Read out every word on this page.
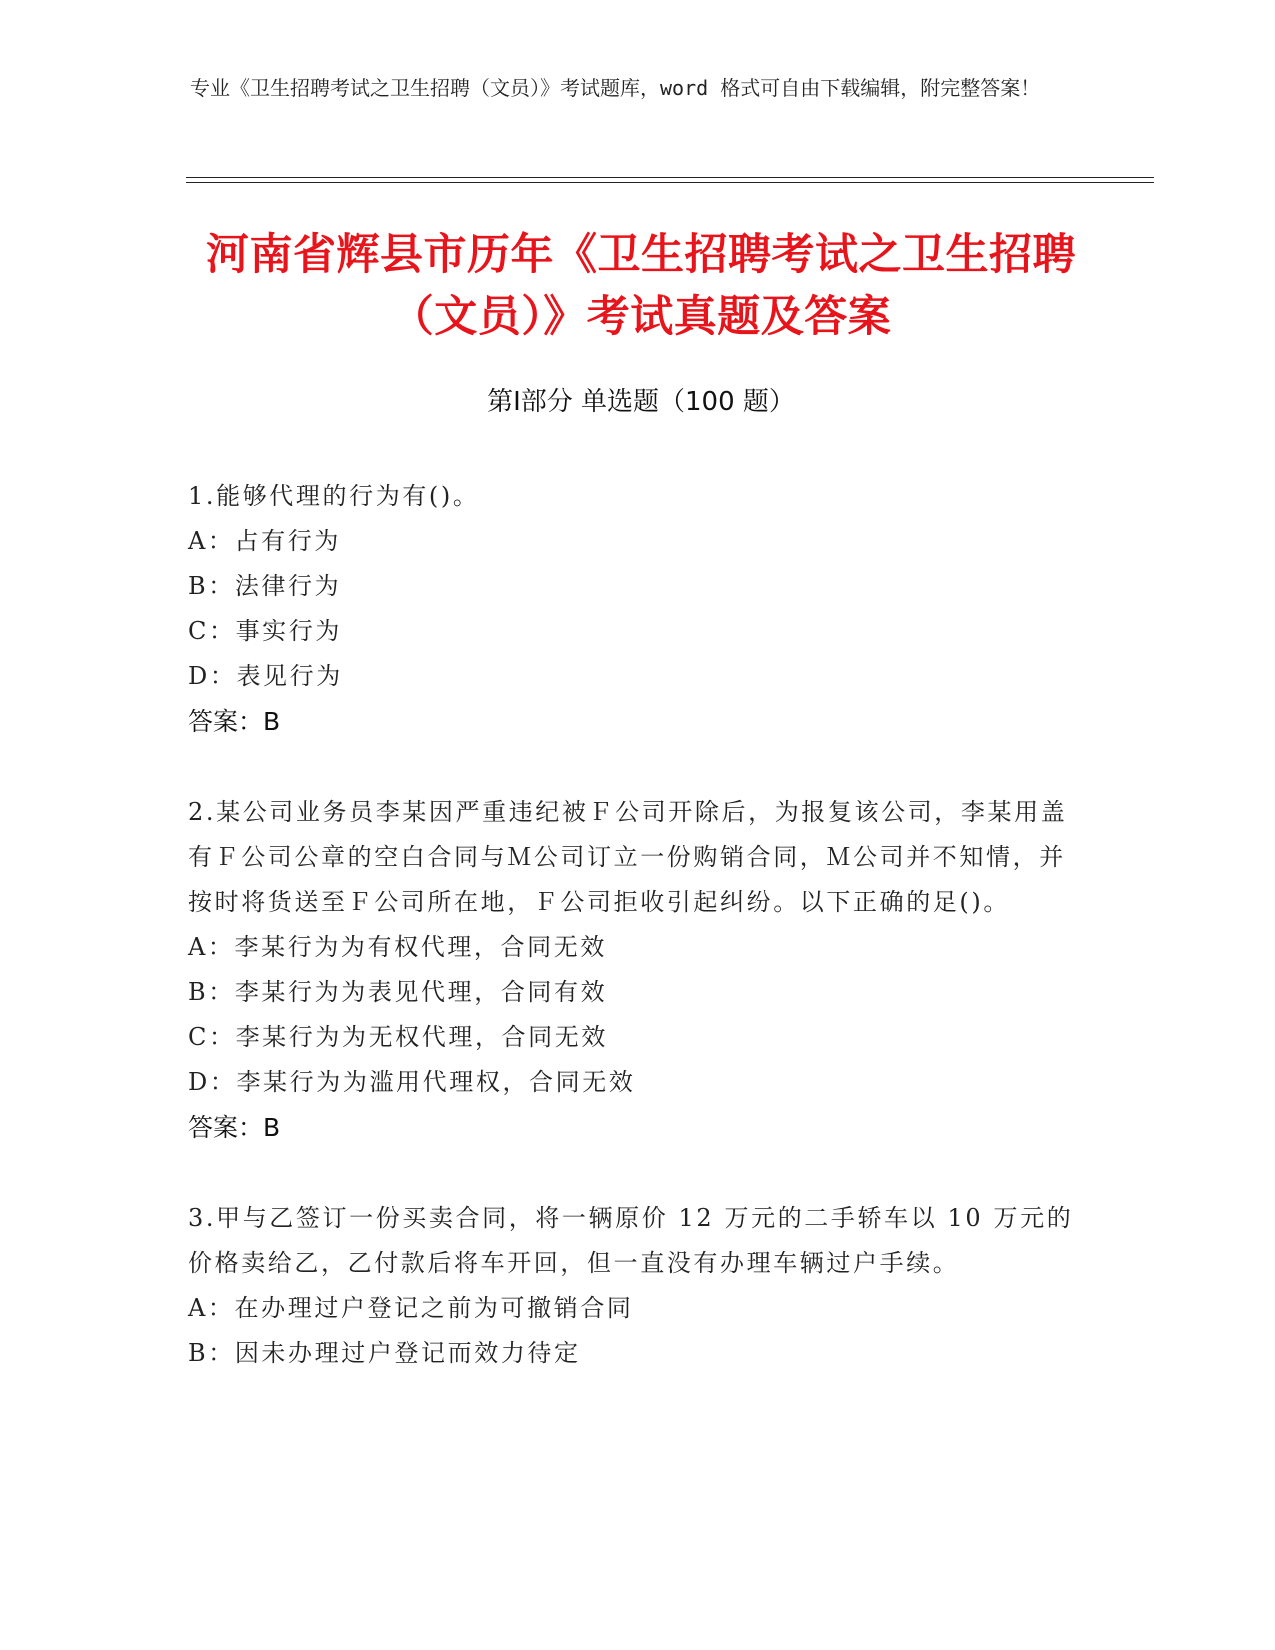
专业《卫生招聘考试之卫生招聘（文员）》考试题库，word 格式可自由下载编辑，附完整答案！
河南省辉县市历年《卫生招聘考试之卫生招聘（文员）》考试真题及答案
第Ⅰ部分 单选题（100 题）
1.能够代理的行为有()。
A：占有行为
B：法律行为
C：事实行为
D：表见行为
答案：B
2.某公司业务员李某因严重违纪被Ｆ公司开除后，为报复该公司，李某用盖有Ｆ公司公章的空白合同与Ｍ公司订立一份购销合同，Ｍ公司并不知情，并按时将货送至Ｆ公司所在地，Ｆ公司拒收引起纠纷。以下正确的足()。
A：李某行为为有权代理，合同无效
B：李某行为为表见代理，合同有效
C：李某行为为无权代理，合同无效
D：李某行为为滥用代理权，合同无效
答案：B
3.甲与乙签订一份买卖合同，将一辆原价 12 万元的二手轿车以 10 万元的价格卖给乙，乙付款后将车开回，但一直没有办理车辆过户手续。
A：在办理过户登记之前为可撤销合同
B：因未办理过户登记而效力待定
